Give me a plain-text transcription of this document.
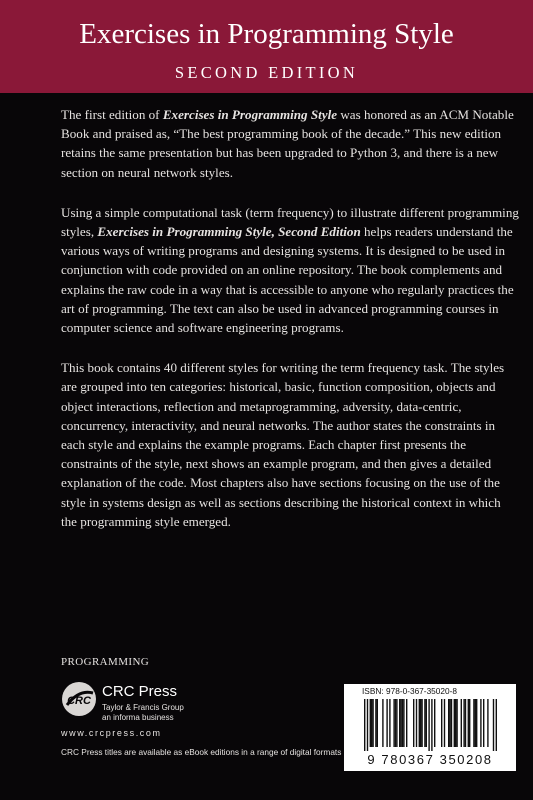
Exercises in Programming Style
SECOND EDITION

The first edition of Exercises in Programming Style was honored as an ACM Notable Book and praised as, “The best programming book of the decade.” This new edition retains the same presentation but has been upgraded to Python 3, and there is a new section on neural network styles.

Using a simple computational task (term frequency) to illustrate different programming styles, Exercises in Programming Style, Second Edition helps readers understand the various ways of writing programs and designing systems. It is designed to be used in conjunction with code provided on an online repository. The book complements and explains the raw code in a way that is accessible to anyone who regularly practices the art of programming. The text can also be used in advanced programming courses in computer science and software engineering programs.

This book contains 40 different styles for writing the term frequency task. The styles are grouped into ten categories: historical, basic, function composition, objects and object interactions, reflection and metaprogramming, adversity, data-centric, concurrency, interactivity, and neural networks. The author states the constraints in each style and explains the example programs. Each chapter first presents the constraints of the style, next shows an example program, and then gives a detailed explanation of the code. Most chapters also have sections focusing on the use of the style in systems design as well as sections describing the historical context in which the programming style emerged.

PROGRAMMING
CRC
CRC Press
Taylor & Francis Group
an informa business
www.crcpress.com
CRC Press titles are available as eBook editions in a range of digital formats
ISBN: 978-0-367-35020-8
9 780367 350208
